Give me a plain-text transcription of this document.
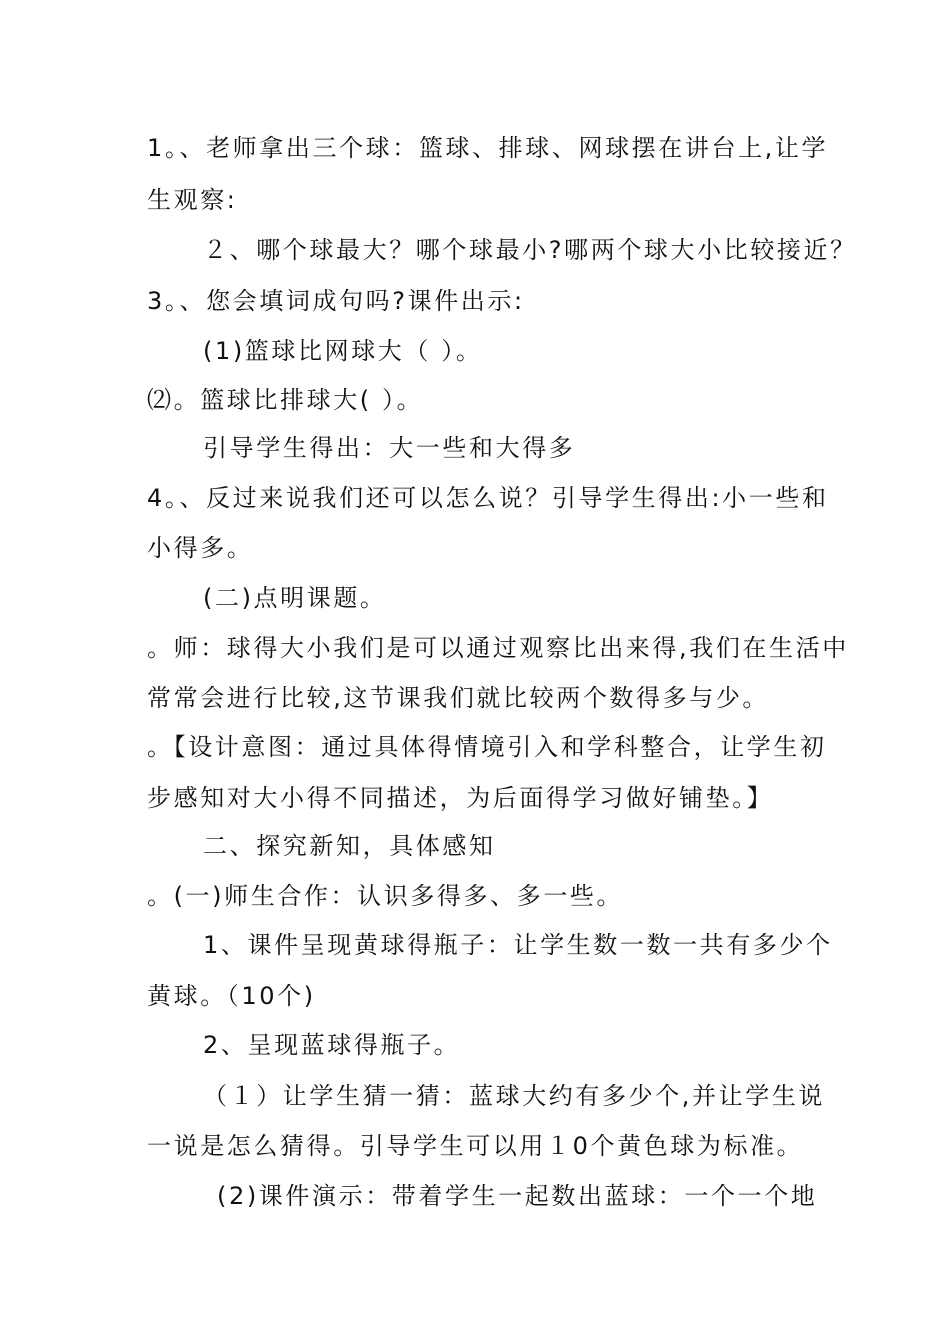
1。、老师拿出三个球：篮球、排球、网球摆在讲台上,让学
生观察:
２、哪个球最大？哪个球最小?哪两个球大小比较接近？
3。、您会填词成句吗?课件出示:
(1)篮球比网球大（ ）。
⑵。篮球比排球大( ）。
引导学生得出：大一些和大得多
4。、反过来说我们还可以怎么说？引导学生得出:小一些和
小得多。
(二)点明课题。
。师：球得大小我们是可以通过观察比出来得,我们在生活中
常常会进行比较,这节课我们就比较两个数得多与少。
。【设计意图：通过具体得情境引入和学科整合，让学生初
步感知对大小得不同描述，为后面得学习做好铺垫。】
二、探究新知，具体感知
。(一)师生合作：认识多得多、多一些。
1、课件呈现黄球得瓶子：让学生数一数一共有多少个
黄球。（10个)
2、呈现蓝球得瓶子。
（１）让学生猜一猜：蓝球大约有多少个,并让学生说
一说是怎么猜得。引导学生可以用１0个黄色球为标准。
(2)课件演示：带着学生一起数出蓝球：一个一个地
